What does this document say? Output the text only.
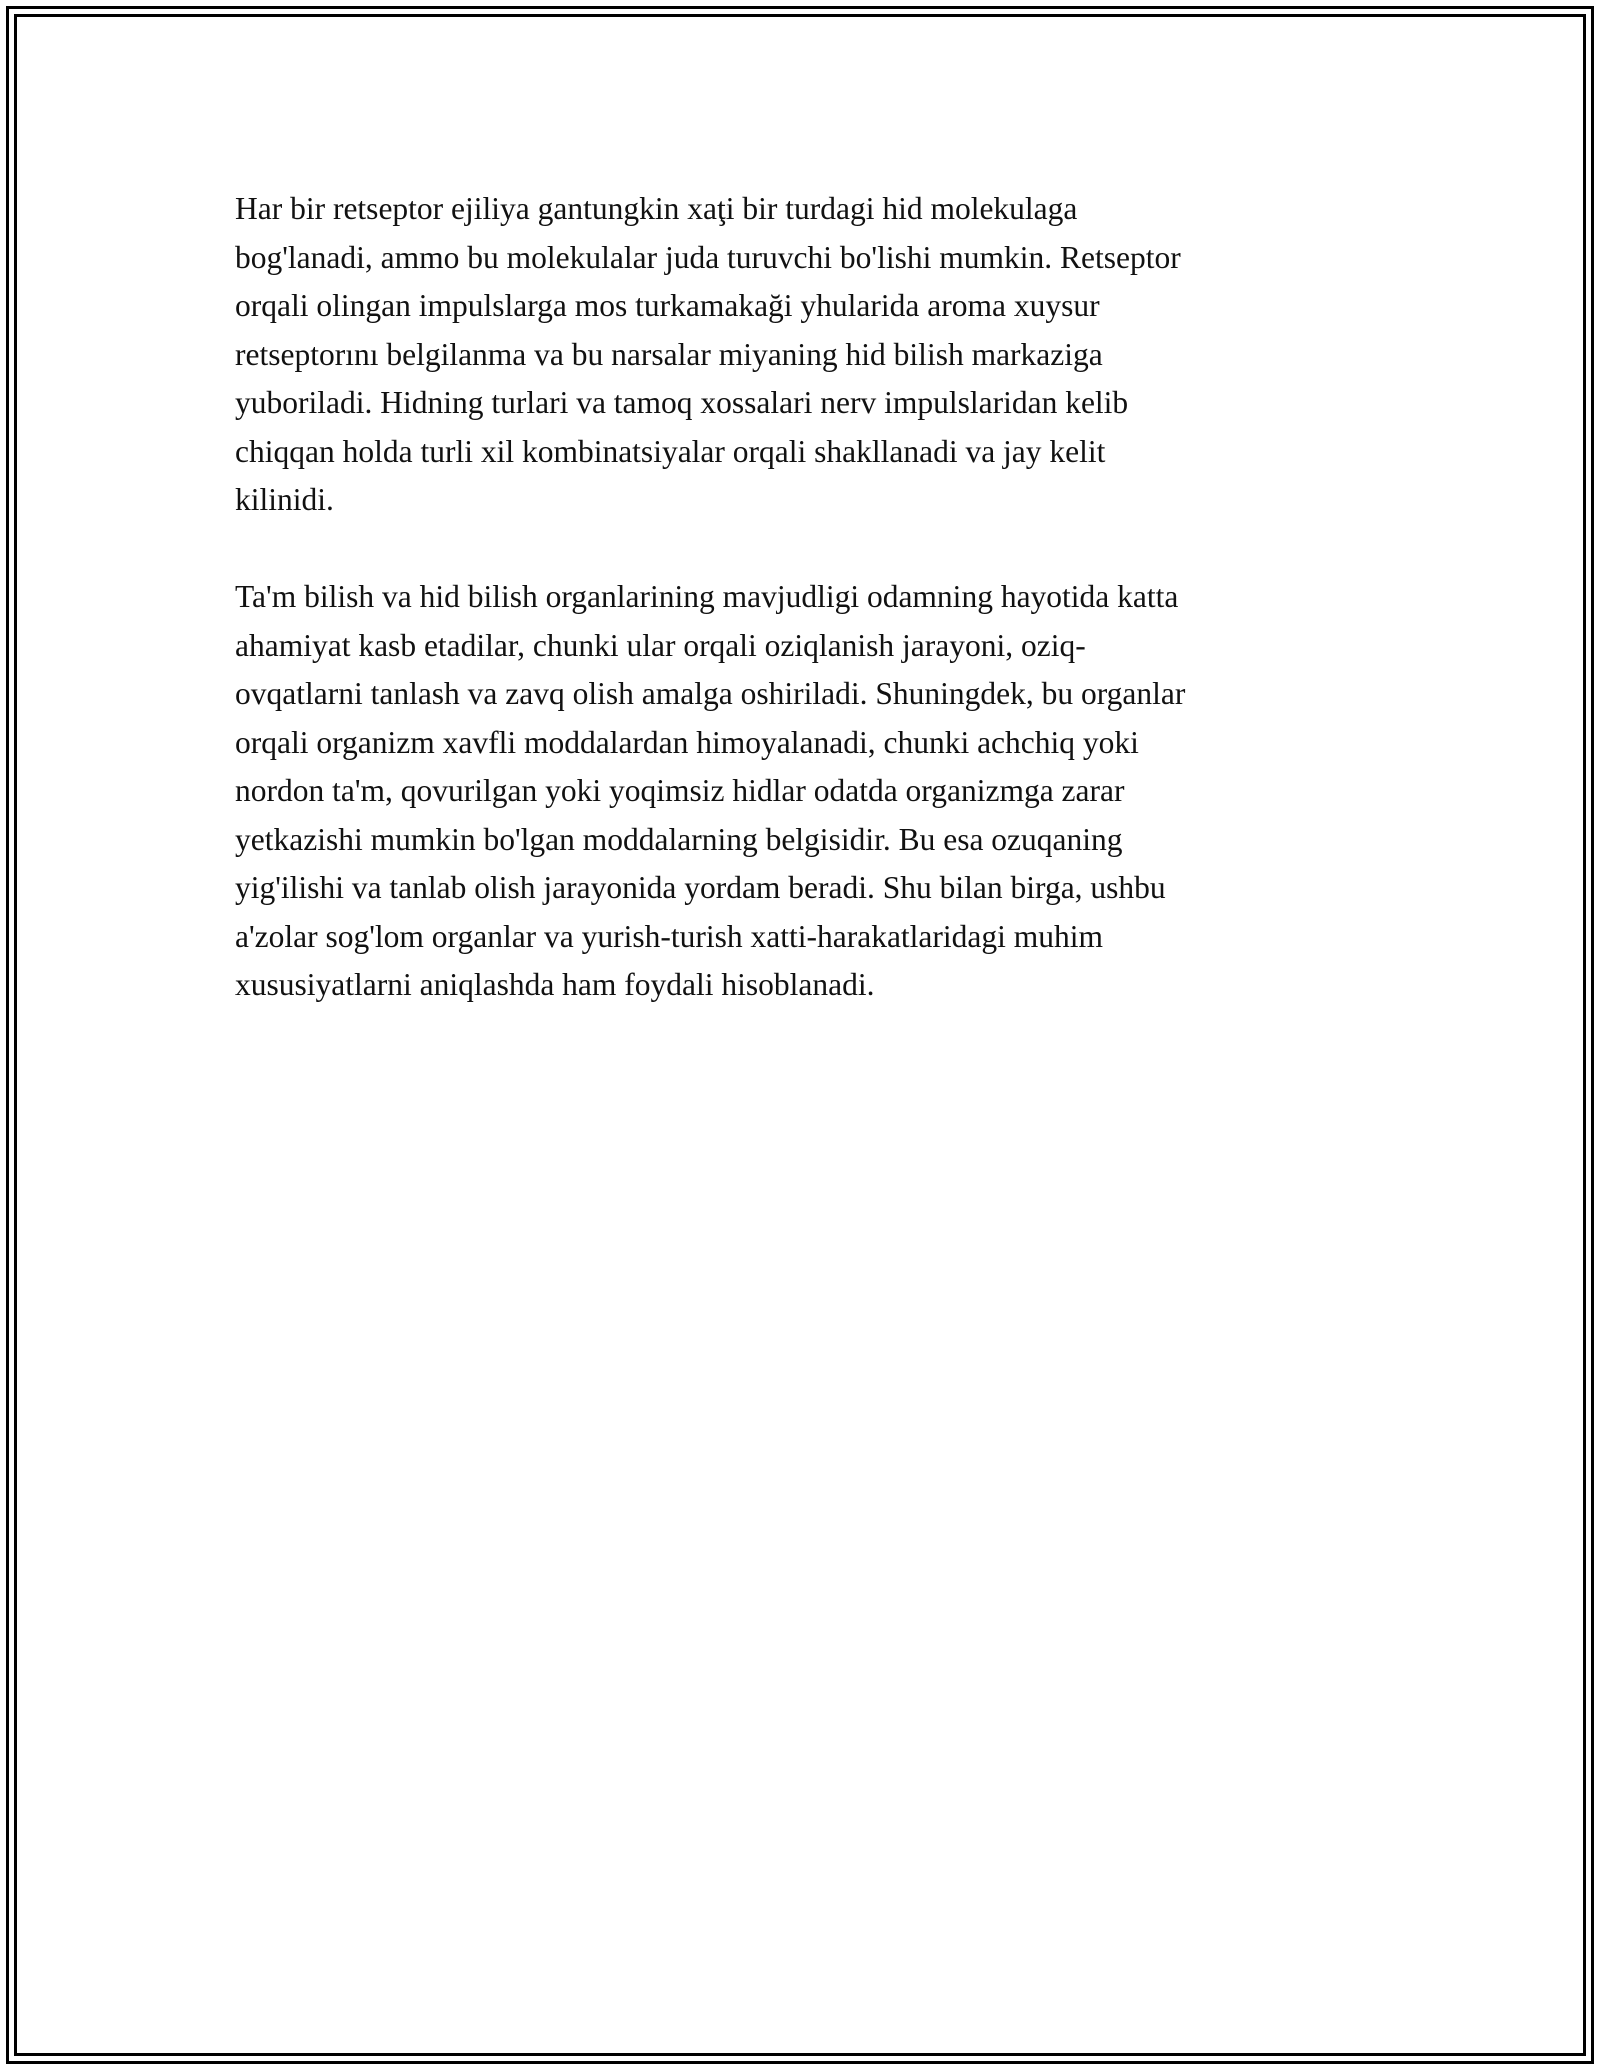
Har bir retseptor ejiliya gantungkin xaţi bir turdagi hid molekulaga
bog'lanadi, ammo bu molekulalar juda turuvchi bo'lishi mumkin. Retseptor
orqali olingan impulslarga mos turkamakaği yhularida aroma xuysur
retseptorını belgilanma va bu narsalar miyaning hid bilish markaziga
yuboriladi. Hidning turlari va tamoq xossalari nerv impulslaridan kelib
chiqqan holda turli xil kombinatsiyalar orqali shakllanadi va jay kelit
kilinidi.

Ta'm bilish va hid bilish organlarining mavjudligi odamning hayotida katta
ahamiyat kasb etadilar, chunki ular orqali oziqlanish jarayoni, oziq-
ovqatlarni tanlash va zavq olish amalga oshiriladi. Shuningdek, bu organlar
orqali organizm xavfli moddalardan himoyalanadi, chunki achchiq yoki
nordon ta'm, qovurilgan yoki yoqimsiz hidlar odatda organizmga zarar
yetkazishi mumkin bo'lgan moddalarning belgisidir. Bu esa ozuqaning
yig'ilishi va tanlab olish jarayonida yordam beradi. Shu bilan birga, ushbu
a'zolar sog'lom organlar va yurish-turish xatti-harakatlaridagi muhim
xususiyatlarni aniqlashda ham foydali hisoblanadi.
